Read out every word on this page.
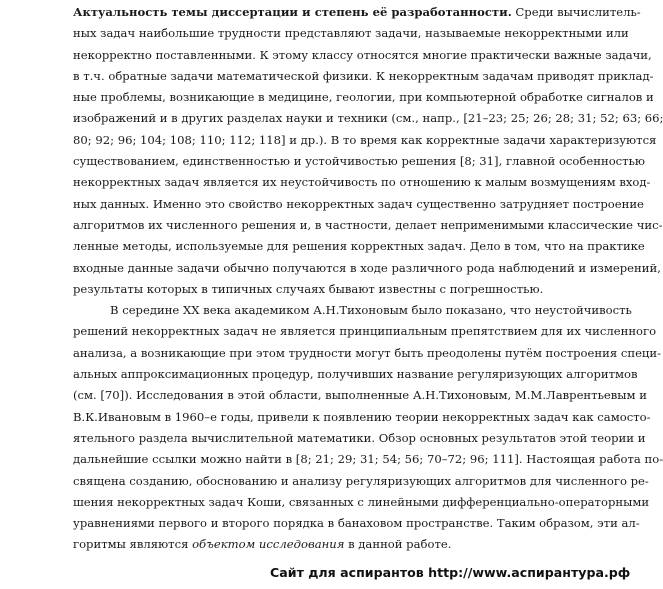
Актуальность темы диссертации и степень её разработанности. Среди вычислитель-
ных задач наибольшие трудности представляют задачи, называемые некорректными или
некорректно поставленными. К этому классу относятся многие практически важные задачи,
в т.ч. обратные задачи математической физики. К некорректным задачам приводят приклад-
ные проблемы, возникающие в медицине, геологии, при компьютерной обработке сигналов и
изображений и в других разделах науки и техники (см., напр., [21–23; 25; 26; 28; 31; 52; 63; 66;
80; 92; 96; 104; 108; 110; 112; 118] и др.). В то время как корректные задачи характеризуются
существованием, единственностью и устойчивостью решения [8; 31], главной особенностью
некорректных задач является их неустойчивость по отношению к малым возмущениям вход-
ных данных. Именно это свойство некорректных задач существенно затрудняет построение
алгоритмов их численного решения и, в частности, делает неприменимыми классические чис-
ленные методы, используемые для решения корректных задач. Дело в том, что на практике
входные данные задачи обычно получаются в ходе различного рода наблюдений и измерений,
результаты которых в типичных случаях бывают известны с погрешностью.
В середине XX века академиком А.Н.Тихоновым было показано, что неустойчивость
решений некорректных задач не является принципиальным препятствием для их численного
анализа, а возникающие при этом трудности могут быть преодолены путём построения специ-
альных аппроксимационных процедур, получивших название регуляризующих алгоритмов
(см. [70]). Исследования в этой области, выполненные А.Н.Тихоновым, М.М.Лаврентьевым и
В.К.Ивановым в 1960–е годы, привели к появлению теории некорректных задач как самосто-
ятельного раздела вычислительной математики. Обзор основных результатов этой теории и
дальнейшие ссылки можно найти в [8; 21; 29; 31; 54; 56; 70–72; 96; 111]. Настоящая работа по-
священа созданию, обоснованию и анализу регуляризующих алгоритмов для численного ре-
шения некорректных задач Коши, связанных с линейными дифференциально-операторными
уравнениями первого и второго порядка в банаховом пространстве. Таким образом, эти ал-
горитмы являются объектом исследования в данной работе.
Сайт для аспирантов http://www.аспирантура.рф
